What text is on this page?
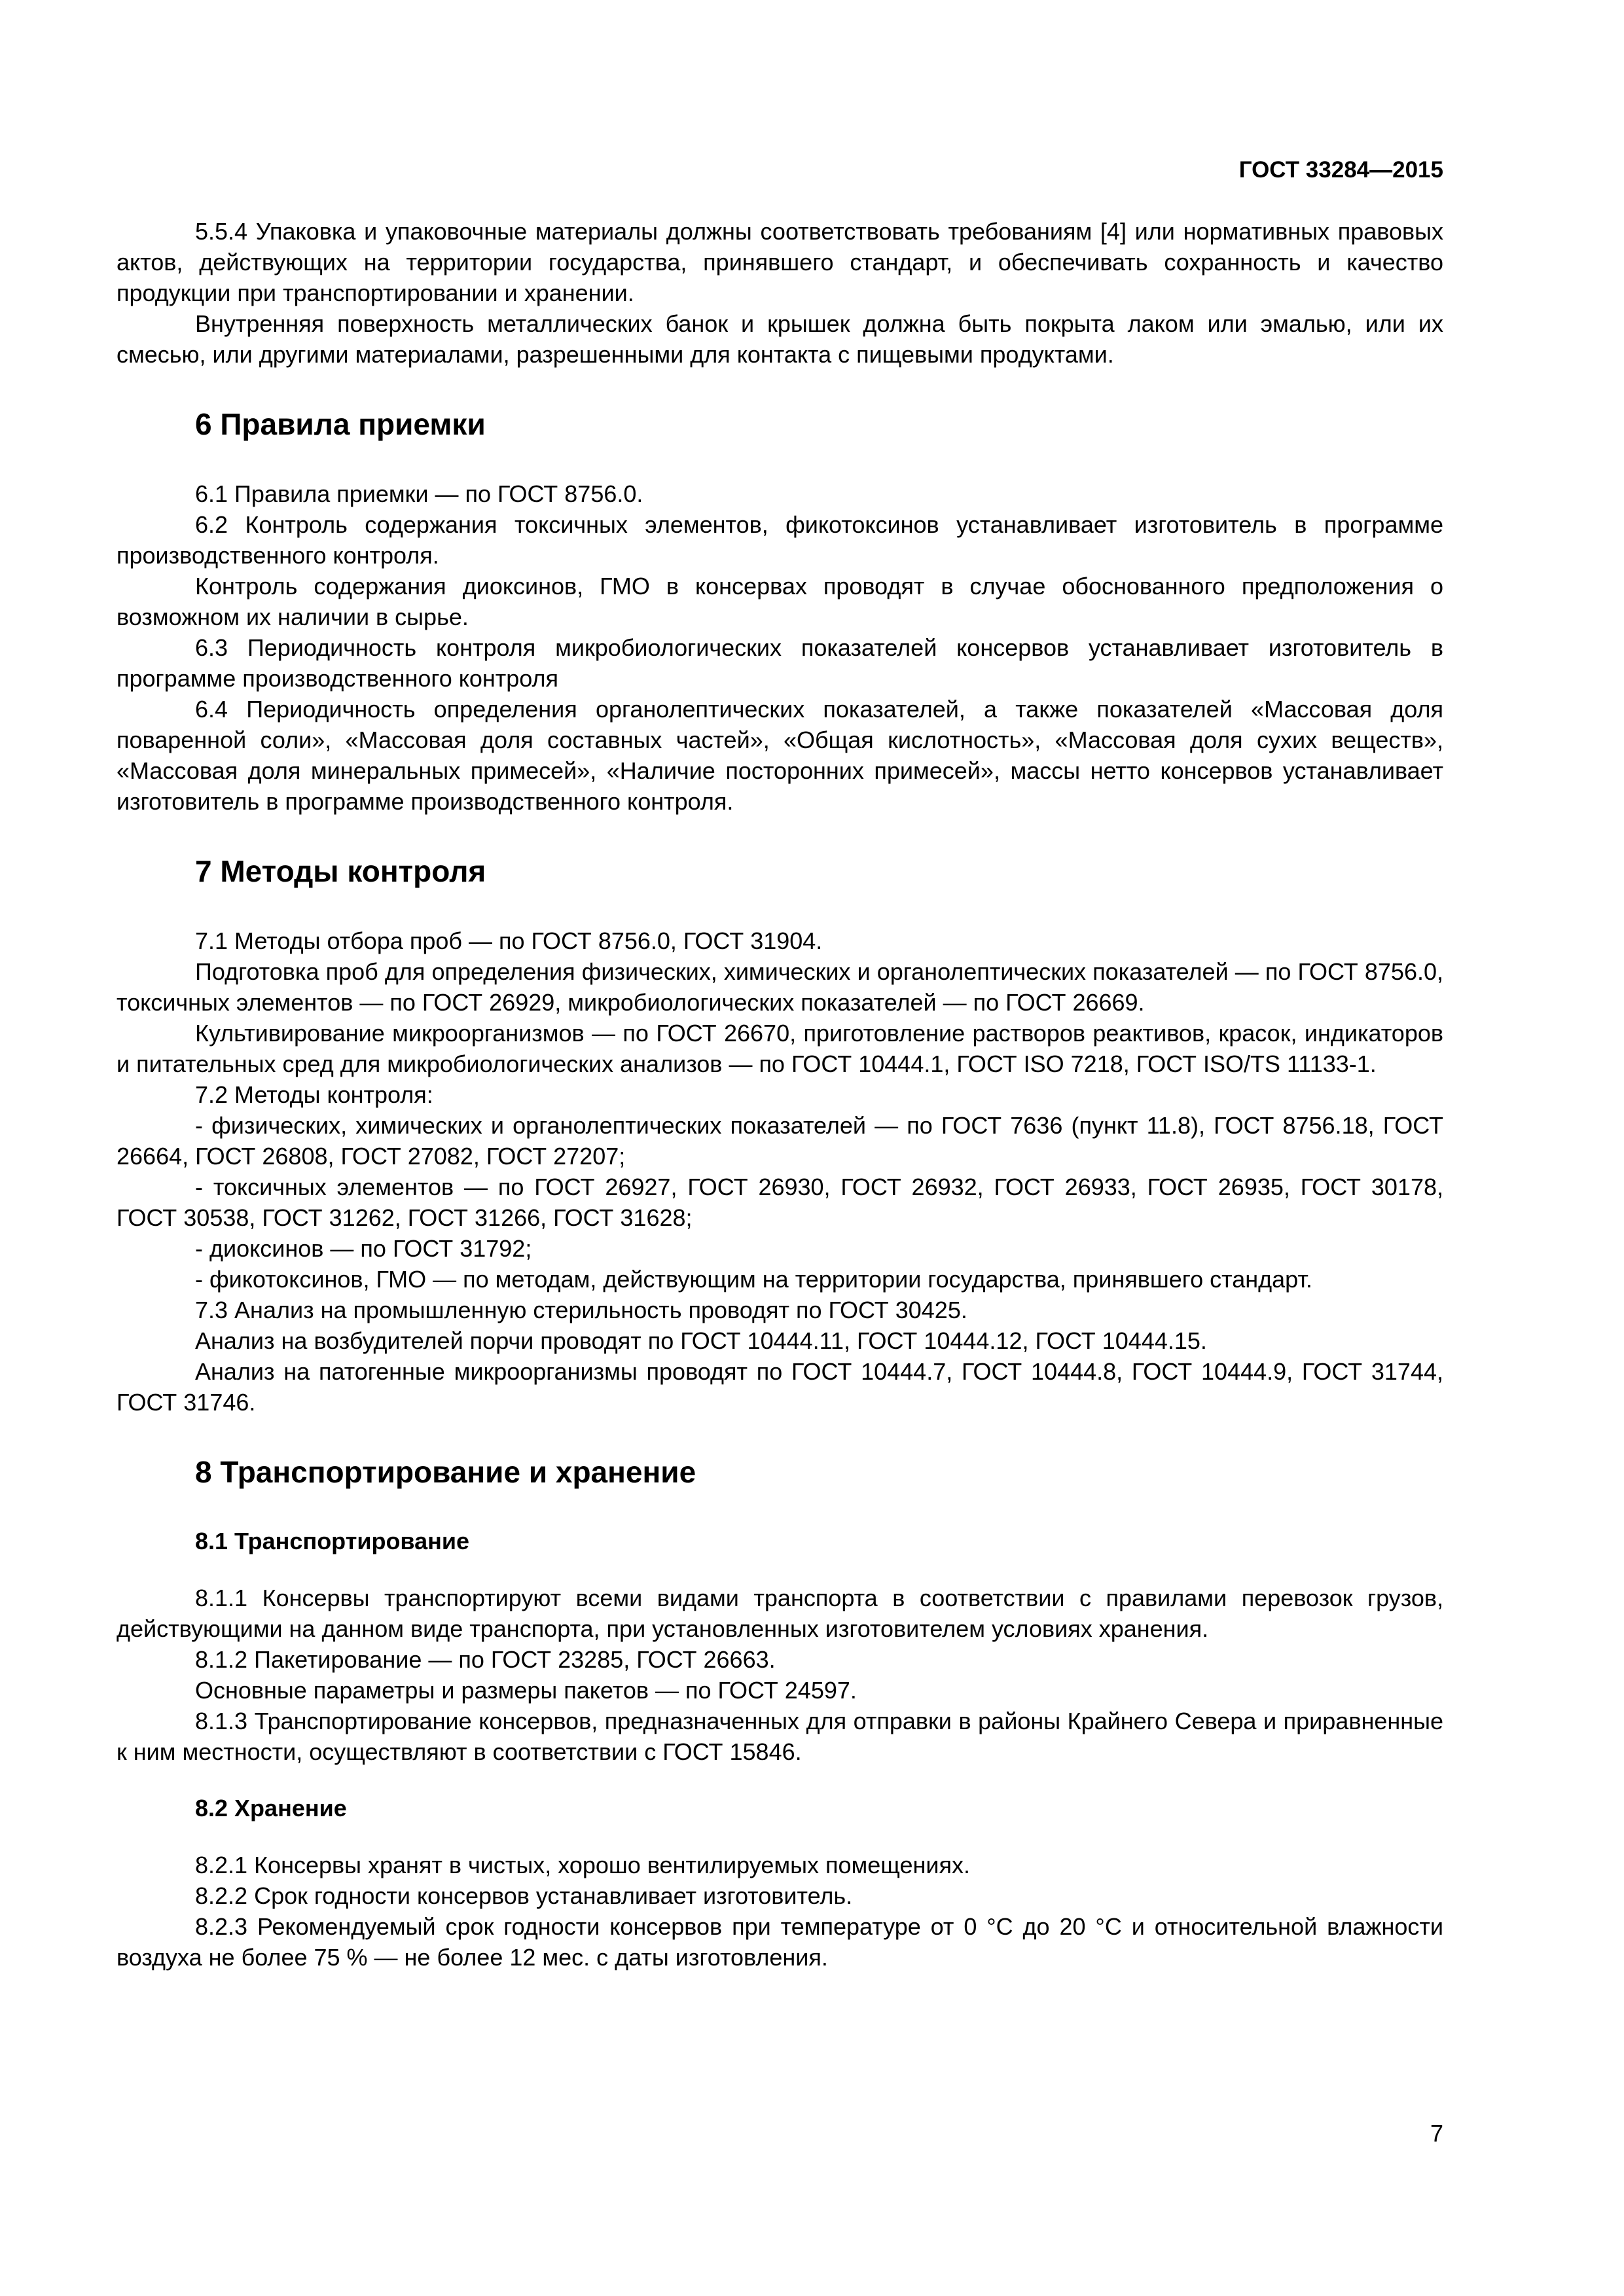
ГОСТ 33284—2015

5.5.4 Упаковка и упаковочные материалы должны соответствовать требованиям [4] или нормативных правовых актов, действующих на территории государства, принявшего стандарт, и обеспечивать сохранность и качество продукции при транспортировании и хранении.

Внутренняя поверхность металлических банок и крышек должна быть покрыта лаком или эмалью, или их смесью, или другими материалами, разрешенными для контакта с пищевыми продуктами.

6 Правила приемки

6.1 Правила приемки — по ГОСТ 8756.0.

6.2 Контроль содержания токсичных элементов, фикотоксинов устанавливает изготовитель в программе производственного контроля.

Контроль содержания диоксинов, ГМО в консервах проводят в случае обоснованного предположения о возможном их наличии в сырье.

6.3 Периодичность контроля микробиологических показателей консервов устанавливает изготовитель в программе производственного контроля

6.4 Периодичность определения органолептических показателей, а также показателей «Массовая доля поваренной соли», «Массовая доля составных частей», «Общая кислотность», «Массовая доля сухих веществ», «Массовая доля минеральных примесей», «Наличие посторонних примесей», массы нетто консервов устанавливает изготовитель в программе производственного контроля.

7 Методы контроля

7.1 Методы отбора проб — по ГОСТ 8756.0, ГОСТ 31904.

Подготовка проб для определения физических, химических и органолептических показателей — по ГОСТ 8756.0, токсичных элементов — по ГОСТ 26929, микробиологических показателей — по ГОСТ 26669.

Культивирование микроорганизмов — по ГОСТ 26670, приготовление растворов реактивов, красок, индикаторов и питательных сред для микробиологических анализов — по ГОСТ 10444.1, ГОСТ ISO 7218, ГОСТ ISO/TS 11133-1.

7.2 Методы контроля:

- физических, химических и органолептических показателей — по ГОСТ 7636 (пункт 11.8), ГОСТ 8756.18, ГОСТ 26664, ГОСТ 26808, ГОСТ 27082, ГОСТ 27207;

- токсичных элементов — по ГОСТ 26927, ГОСТ 26930, ГОСТ 26932, ГОСТ 26933, ГОСТ 26935, ГОСТ 30178, ГОСТ 30538, ГОСТ 31262, ГОСТ 31266, ГОСТ 31628;

- диоксинов — по ГОСТ 31792;

- фикотоксинов, ГМО — по методам, действующим на территории государства, принявшего стандарт.

7.3 Анализ на промышленную стерильность проводят по ГОСТ 30425.

Анализ на возбудителей порчи проводят по ГОСТ 10444.11, ГОСТ 10444.12, ГОСТ 10444.15.

Анализ на патогенные микроорганизмы проводят по ГОСТ 10444.7, ГОСТ 10444.8, ГОСТ 10444.9, ГОСТ 31744, ГОСТ 31746.

8 Транспортирование и хранение
8.1 Транспортирование

8.1.1 Консервы транспортируют всеми видами транспорта в соответствии с правилами перевозок грузов, действующими на данном виде транспорта, при установленных изготовителем условиях хранения.

8.1.2 Пакетирование — по ГОСТ 23285, ГОСТ 26663.

Основные параметры и размеры пакетов — по ГОСТ 24597.

8.1.3 Транспортирование консервов, предназначенных для отправки в районы Крайнего Севера и приравненные к ним местности, осуществляют в соответствии с ГОСТ 15846.

8.2 Хранение

8.2.1 Консервы хранят в чистых, хорошо вентилируемых помещениях.

8.2.2 Срок годности консервов устанавливает изготовитель.

8.2.3 Рекомендуемый срок годности консервов при температуре от 0 °С до 20 °С и относительной влажности воздуха не более 75 % — не более 12 мес. с даты изготовления.

7
